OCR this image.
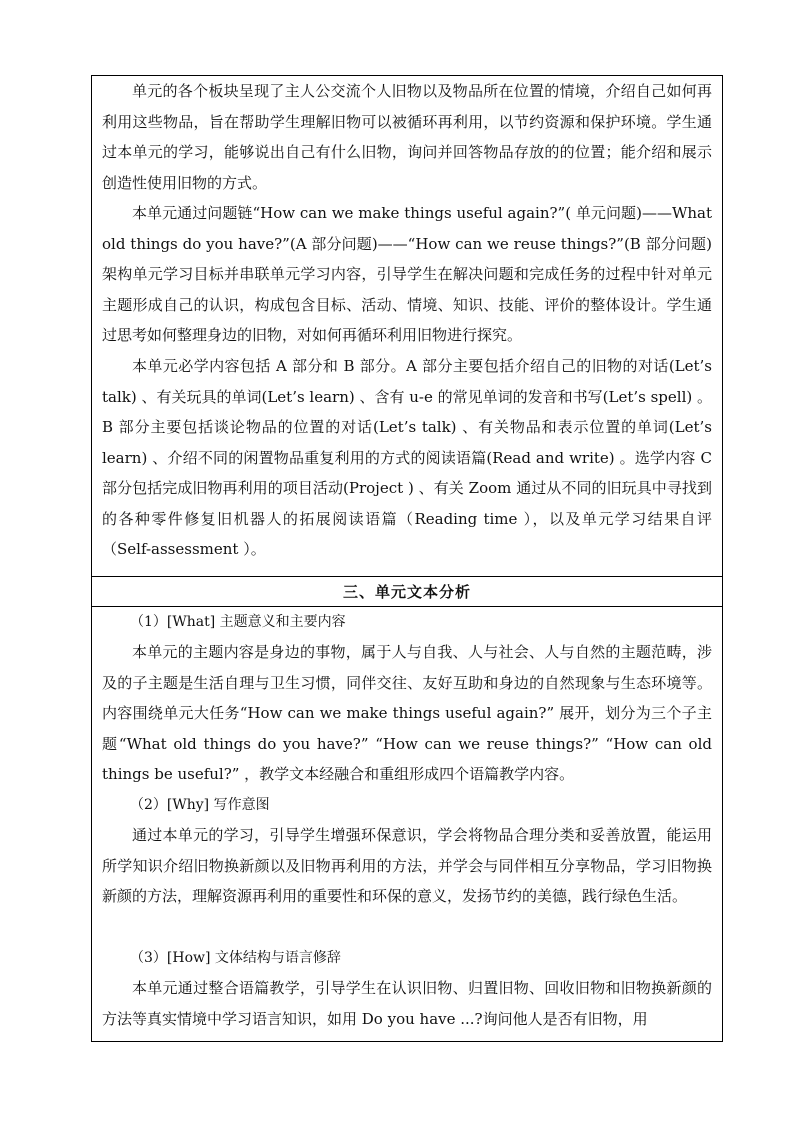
单元的各个板块呈现了主人公交流个人旧物以及物品所在位置的情境，介绍自己如何再利用这些物品，旨在帮助学生理解旧物可以被循环再利用，以节约资源和保护环境。学生通过本单元的学习，能够说出自己有什么旧物，询问并回答物品存放的的位置；能介绍和展示创造性使用旧物的方式。

本单元通过问题链“How can we make things useful again?”( 单元问题)——What old things do you have?”(A 部分问题)——“How can we reuse things?”(B 部分问题)架构单元学习目标并串联单元学习内容，引导学生在解决问题和完成任务的过程中针对单元主题形成自己的认识，构成包含目标、活动、情境、知识、技能、评价的整体设计。学生通过思考如何整理身边的旧物，对如何再循环利用旧物进行探究。

本单元必学内容包括 A 部分和 B 部分。A 部分主要包括介绍自己的旧物的对话(Let’s talk) 、有关玩具的单词(Let’s learn) 、含有 u-e 的常见单词的发音和书写(Let’s spell) 。B 部分主要包括谈论物品的位置的对话(Let’s talk) 、有关物品和表示位置的单词(Let’s learn) 、介绍不同的闲置物品重复利用的方式的阅读语篇(Read and write) 。选学内容 C部分包括完成旧物再利用的项目活动(Project ) 、有关 Zoom 通过从不同的旧玩具中寻找到的各种零件修复旧机器人的拓展阅读语篇（Reading time ），以及单元学习结果自评（Self-assessment ）。

三、单元文本分析

（1）[What] 主题意义和主要内容

本单元的主题内容是身边的事物，属于人与自我、人与社会、人与自然的主题范畴，涉及的子主题是生活自理与卫生习惯，同伴交往、友好互助和身边的自然现象与生态环境等。内容围绕单元大任务“How can we make things useful again?” 展开，划分为三个子主题“What old things do you have?” “How can we reuse things?” “How can old things be useful?” ，教学文本经融合和重组形成四个语篇教学内容。

（2）[Why] 写作意图

通过本单元的学习，引导学生增强环保意识，学会将物品合理分类和妥善放置，能运用所学知识介绍旧物换新颜以及旧物再利用的方法，并学会与同伴相互分享物品，学习旧物换新颜的方法，理解资源再利用的重要性和环保的意义，发扬节约的美德，践行绿色生活。

（3）[How] 文体结构与语言修辞

本单元通过整合语篇教学，引导学生在认识旧物、归置旧物、回收旧物和旧物换新颜的方法等真实情境中学习语言知识，如用 Do you have ...?询问他人是否有旧物，用
